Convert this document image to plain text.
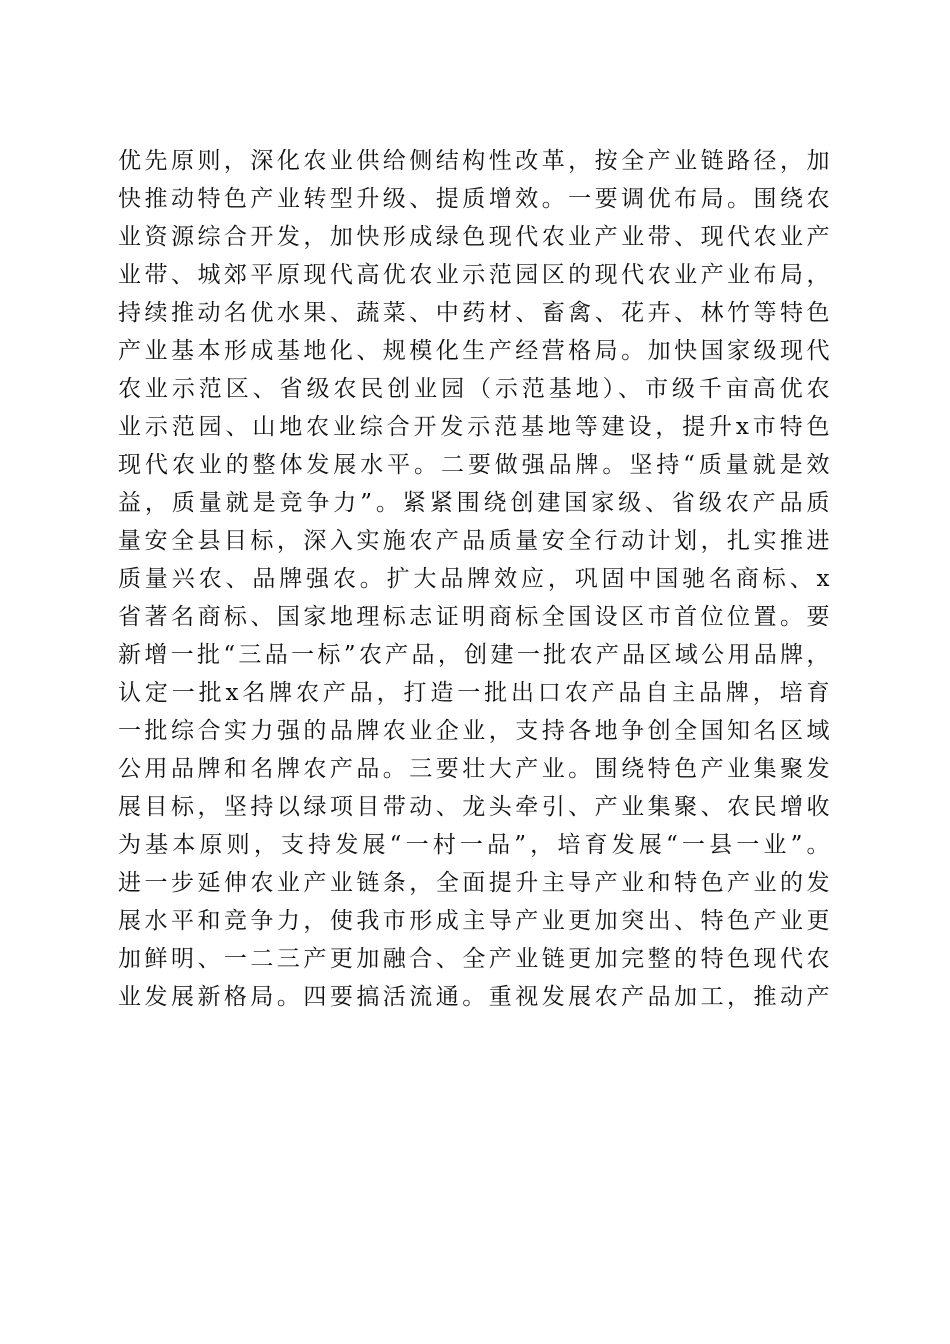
优先原则，深化农业供给侧结构性改革，按全产业链路径，加
快推动特色产业转型升级、提质增效。一要调优布局。围绕农
业资源综合开发，加快形成绿色现代农业产业带、现代农业产
业带、城郊平原现代高优农业示范园区的现代农业产业布局，
持续推动名优水果、蔬菜、中药材、畜禽、花卉、林竹等特色
产业基本形成基地化、规模化生产经营格局。加快国家级现代
农业示范区、省级农民创业园（示范基地）、市级千亩高优农
业示范园、山地农业综合开发示范基地等建设，提升x市特色
现代农业的整体发展水平。二要做强品牌。坚持“质量就是效
益，质量就是竞争力”。紧紧围绕创建国家级、省级农产品质
量安全县目标，深入实施农产品质量安全行动计划，扎实推进
质量兴农、品牌强农。扩大品牌效应，巩固中国驰名商标、x
省著名商标、国家地理标志证明商标全国设区市首位位置。要
新增一批“三品一标”农产品，创建一批农产品区域公用品牌，
认定一批x名牌农产品，打造一批出口农产品自主品牌，培育
一批综合实力强的品牌农业企业，支持各地争创全国知名区域
公用品牌和名牌农产品。三要壮大产业。围绕特色产业集聚发
展目标，坚持以绿项目带动、龙头牵引、产业集聚、农民增收
为基本原则，支持发展“一村一品”，培育发展“一县一业”。
进一步延伸农业产业链条，全面提升主导产业和特色产业的发
展水平和竞争力，使我市形成主导产业更加突出、特色产业更
加鲜明、一二三产更加融合、全产业链更加完整的特色现代农
业发展新格局。四要搞活流通。重视发展农产品加工，推动产
